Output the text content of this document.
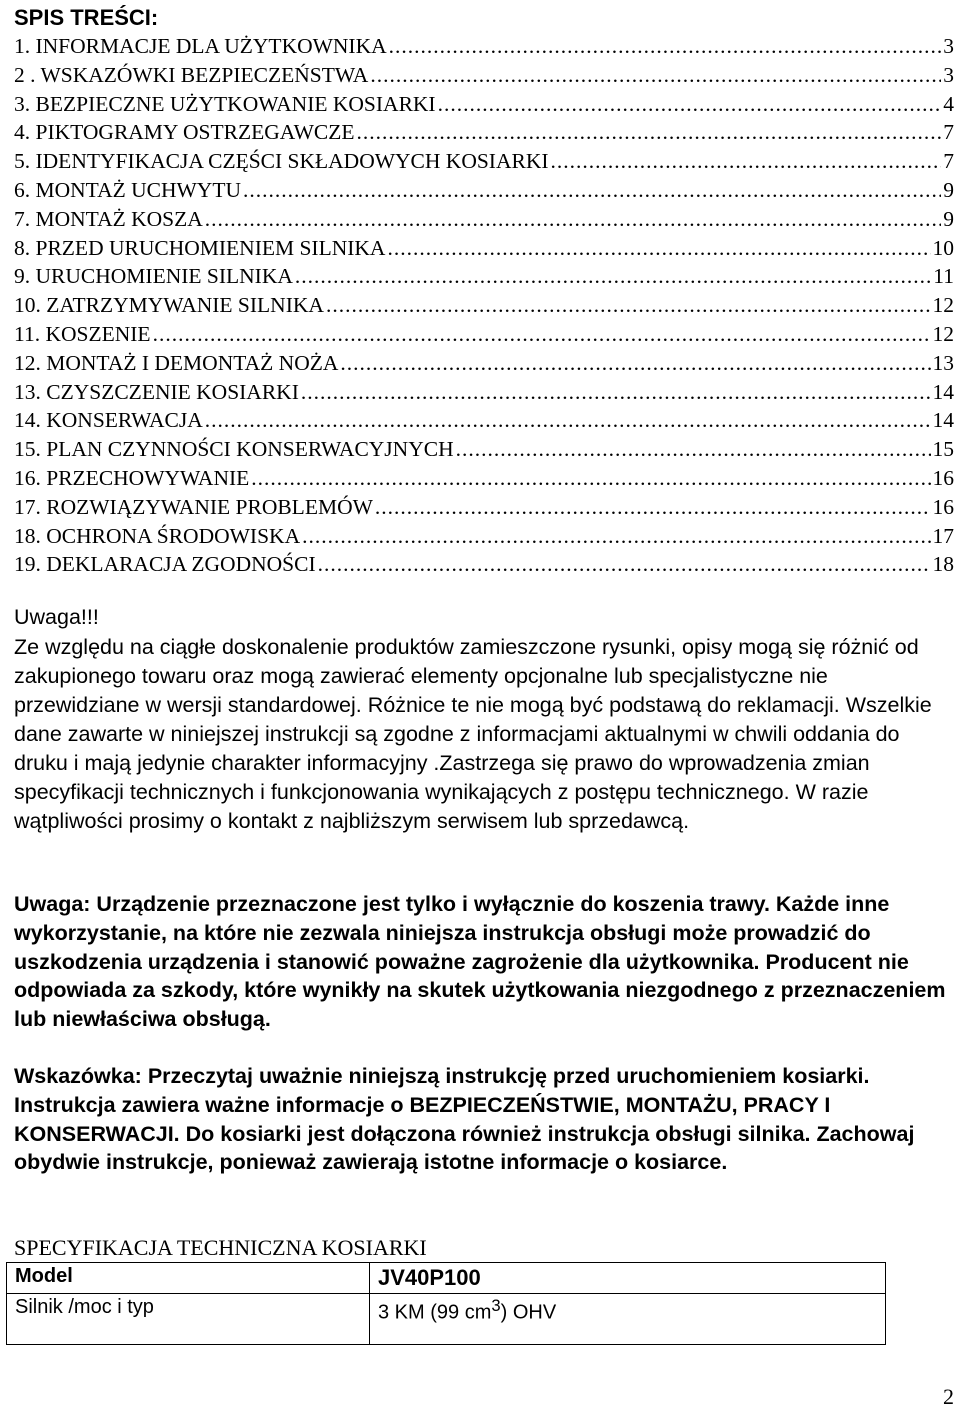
SPIS TREŚCI:
1. INFORMACJE DLA UŻYTKOWNIKA .....	3
2 . WSKAZÓWKI BEZPIECZEŃSTWA .....	3
3. BEZPIECZNE UŻYTKOWANIE KOSIARKI .....	4
4. PIKTOGRAMY OSTRZEGAWCZE .....	7
5. IDENTYFIKACJA CZĘŚCI SKŁADOWYCH KOSIARKI .....	7
6. MONTAŻ UCHWYTU .....	9
7. MONTAŻ KOSZA .....	9
8. PRZED URUCHOMIENIEM SILNIKA .....	10
9. URUCHOMIENIE SILNIKA .....	11
10. ZATRZYMYWANIE SILNIKA .....	12
11. KOSZENIE .....	12
12. MONTAŻ I DEMONTAŻ NOŻA .....	13
13. CZYSZCZENIE KOSIARKI .....	14
14. KONSERWACJA .....	14
15. PLAN CZYNNOŚCI KONSERWACYJNYCH .....	15
16. PRZECHOWYWANIE .....	16
17. ROZWIĄZYWANIE PROBLEMÓW .....	16
18. OCHRONA ŚRODOWISKA .....	17
19. DEKLARACJA ZGODNOŚCI .....	18
Uwaga!!!
Ze względu na ciągłe doskonalenie produktów zamieszczone rysunki, opisy mogą się różnić od zakupionego towaru oraz mogą zawierać elementy opcjonalne lub specjalistyczne nie przewidziane w wersji standardowej. Różnice te nie mogą być podstawą do reklamacji. Wszelkie dane zawarte w niniejszej instrukcji są zgodne z informacjami aktualnymi w chwili oddania do druku i mają jedynie charakter informacyjny .Zastrzega się prawo do wprowadzenia zmian specyfikacji technicznych i funkcjonowania wynikających z postępu technicznego. W razie wątpliwości prosimy o kontakt z najbliższym serwisem lub sprzedawcą.
Uwaga: Urządzenie przeznaczone jest tylko i wyłącznie do koszenia trawy. Każde inne wykorzystanie, na które nie zezwala niniejsza instrukcja obsługi może prowadzić do uszkodzenia urządzenia i stanowić poważne zagrożenie dla użytkownika. Producent nie odpowiada za szkody, które wynikły na skutek użytkowania niezgodnego z przeznaczeniem lub niewłaściwa obsługą.
Wskazówka: Przeczytaj uważnie niniejszą instrukcję przed uruchomieniem kosiarki. Instrukcja zawiera ważne informacje o BEZPIECZEŃSTWIE, MONTAŻU, PRACY I KONSERWACJI. Do kosiarki jest dołączona również instrukcja obsługi silnika. Zachowaj obydwie instrukcje, ponieważ zawierają istotne informacje o kosiarce.
SPECYFIKACJA TECHNICZNA KOSIARKI
Model	JV40P100
Silnik /moc i typ	3 KM (99 $cm^3$) OHV
2
